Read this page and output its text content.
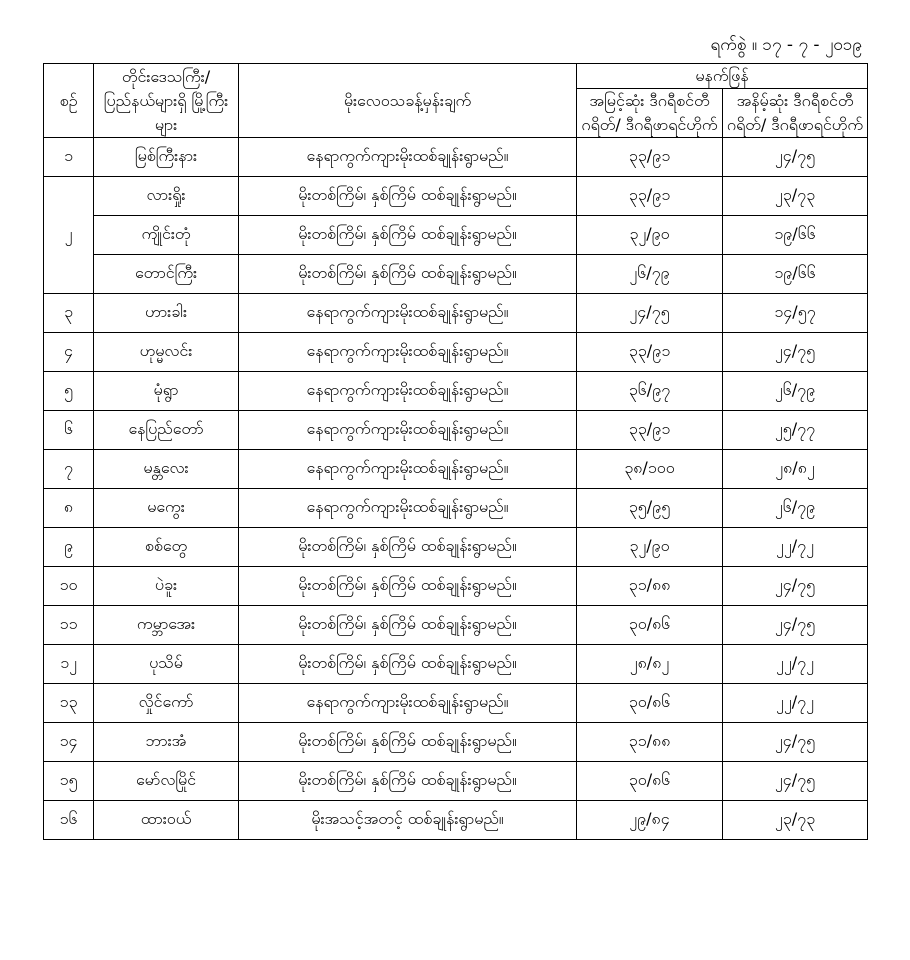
ရက်စွဲ ။ ၁၇ - ၇ - ၂၀၁၉
စဉ်	တိုင်းဒေသကြီး/ ပြည်နယ်များရှိ မြို့ကြီးများ	မိုးလေဝသခန့်မှန်းချက်	မနက်ဖြန်	
			အမြင့်ဆုံး ဒီဂရီစင်တီဂရိတ်/ ဒီဂရီဖာရင်ဟိုက်	အနိမ့်ဆုံး ဒီဂရီစင်တီဂရိတ်/ ဒီဂရီဖာရင်ဟိုက်
၁	မြစ်ကြီးနား	နေရာကွက်ကျားမိုးထစ်ချုန်းရွာမည်။	၃၃/၉၁	၂၄/၇၅
၂	လားရှိုး	မိုးတစ်ကြိမ်၊ နှစ်ကြိမ် ထစ်ချုန်းရွာမည်။	၃၃/၉၁	၂၃/၇၃
	ကျိုင်းတုံ	မိုးတစ်ကြိမ်၊ နှစ်ကြိမ် ထစ်ချုန်းရွာမည်။	၃၂/၉၀	၁၉/၆၆
	တောင်ကြီး	မိုးတစ်ကြိမ်၊ နှစ်ကြိမ် ထစ်ချုန်းရွာမည်။	၂၆/၇၉	၁၉/၆၆
၃	ဟားခါး	နေရာကွက်ကျားမိုးထစ်ချုန်းရွာမည်။	၂၄/၇၅	၁၄/၅၇
၄	ဟုမ္မလင်း	နေရာကွက်ကျားမိုးထစ်ချုန်းရွာမည်။	၃၃/၉၁	၂၄/၇၅
၅	မုံရွာ	နေရာကွက်ကျားမိုးထစ်ချုန်းရွာမည်။	၃၆/၉၇	၂၆/၇၉
၆	နေပြည်တော်	နေရာကွက်ကျားမိုးထစ်ချုန်းရွာမည်။	၃၃/၉၁	၂၅/၇၇
၇	မန္တလေး	နေရာကွက်ကျားမိုးထစ်ချုန်းရွာမည်။	၃၈/၁၀၀	၂၈/၈၂
၈	မကွေး	နေရာကွက်ကျားမိုးထစ်ချုန်းရွာမည်။	၃၅/၉၅	၂၆/၇၉
၉	စစ်တွေ	မိုးတစ်ကြိမ်၊ နှစ်ကြိမ် ထစ်ချုန်းရွာမည်။	၃၂/၉၀	၂၂/၇၂
၁၀	ပဲခူး	မိုးတစ်ကြိမ်၊ နှစ်ကြိမ် ထစ်ချုန်းရွာမည်။	၃၁/၈၈	၂၄/၇၅
၁၁	ကမ္ဘာအေး	မိုးတစ်ကြိမ်၊ နှစ်ကြိမ် ထစ်ချုန်းရွာမည်။	၃၀/၈၆	၂၄/၇၅
၁၂	ပုသိမ်	မိုးတစ်ကြိမ်၊ နှစ်ကြိမ် ထစ်ချုန်းရွာမည်။	၂၈/၈၂	၂၂/၇၂
၁၃	လှိုင်ကော်	နေရာကွက်ကျားမိုးထစ်ချုန်းရွာမည်။	၃၀/၈၆	၂၂/၇၂
၁၄	ဘားအံ	မိုးတစ်ကြိမ်၊ နှစ်ကြိမ် ထစ်ချုန်းရွာမည်။	၃၁/၈၈	၂၄/၇၅
၁၅	မော်လမြိုင်	မိုးတစ်ကြိမ်၊ နှစ်ကြိမ် ထစ်ချုန်းရွာမည်။	၃၀/၈၆	၂၄/၇၅
၁၆	ထားဝယ်	မိုးအသင့်အတင့် ထစ်ချုန်းရွာမည်။	၂၉/၈၄	၂၃/၇၃
